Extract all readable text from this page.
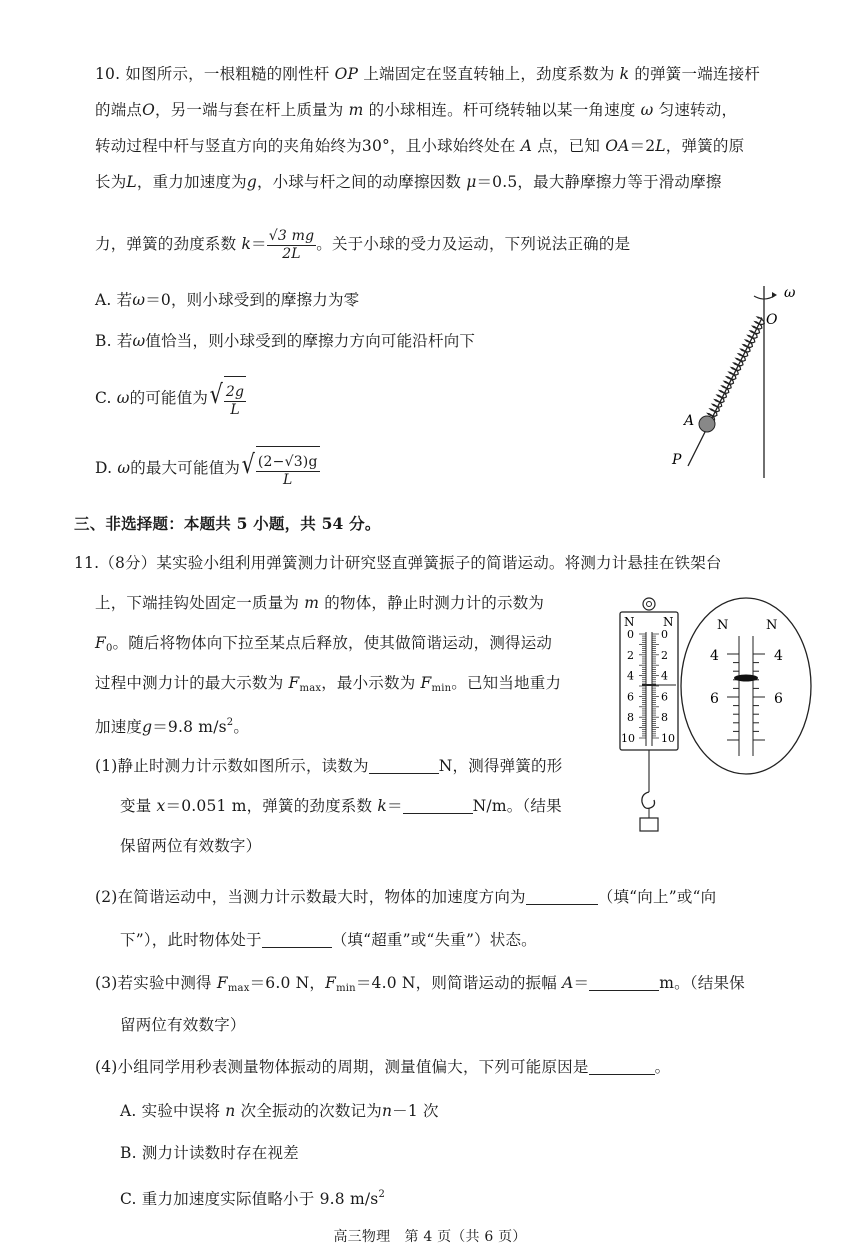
10. 如图所示，一根粗糙的刚性杆 OP 上端固定在竖直转轴上，劲度系数为 k 的弹簧一端连接杆
的端点O，另一端与套在杆上质量为 m 的小球相连。杆可绕转轴以某一角速度 ω 匀速转动，
转动过程中杆与竖直方向的夹角始终为30°，且小球始终处在 A 点，已知 OA＝2L，弹簧的原
长为L，重力加速度为g，小球与杆之间的动摩擦因数 μ＝0.5，最大静摩擦力等于滑动摩擦
力，弹簧的劲度系数 $k= \frac{√3 mg}{2L}$ 。关于小球的受力及运动，下列说法正确的是
A. 若ω＝0，则小球受到的摩擦力为零
B. 若ω值恰当，则小球受到的摩擦力方向可能沿杆向下
C. ω的可能值为 √ $\frac{2g}{L}$
D. ω的最大可能值为 √ $\frac{(2-√3)g}{L}$
ω
O
A
P
三、非选择题：本题共 5 小题，共 54 分。
11.（8分）某实验小组利用弹簧测力计研究竖直弹簧振子的简谐运动。将测力计悬挂在铁架台
上，下端挂钩处固定一质量为 m 的物体，静止时测力计的示数为
$F_0$。随后将物体向下拉至某点后释放，使其做简谐运动，测得运动
过程中测力计的最大示数为 $F_{max}$，最小示数为 $F_{min}$。已知当地重力
加速度g＝9.8 $m/s^2$。
(1)静止时测力计示数如图所示，读数为	N，测得弹簧的形
变量 x＝0.051 m，弹簧的劲度系数 k＝	N/m。（结果
保留两位有效数字）
(2)在简谐运动中，当测力计示数最大时，物体的加速度方向为	（填“向上”或“向
下”），此时物体处于	（填“超重”或“失重”）状态。
(3)若实验中测得 $F_{max}=6.0$ N，$F_{min}=4.0$ N，则简谐运动的振幅 A＝	m。（结果保
留两位有效数字）
(4)小组同学用秒表测量物体振动的周期，测量值偏大，下列可能原因是	。
A. 实验中误将 n 次全振动的次数记为n－1 次
B. 测力计读数时存在视差
C. 重力加速度实际值略小于 9.8 $m/s^2$
N N
0
2
4
6
8
10
0
2
4
6
8
10
N	N
4	4
6	6
高三物理　第 4 页（共 6 页）
